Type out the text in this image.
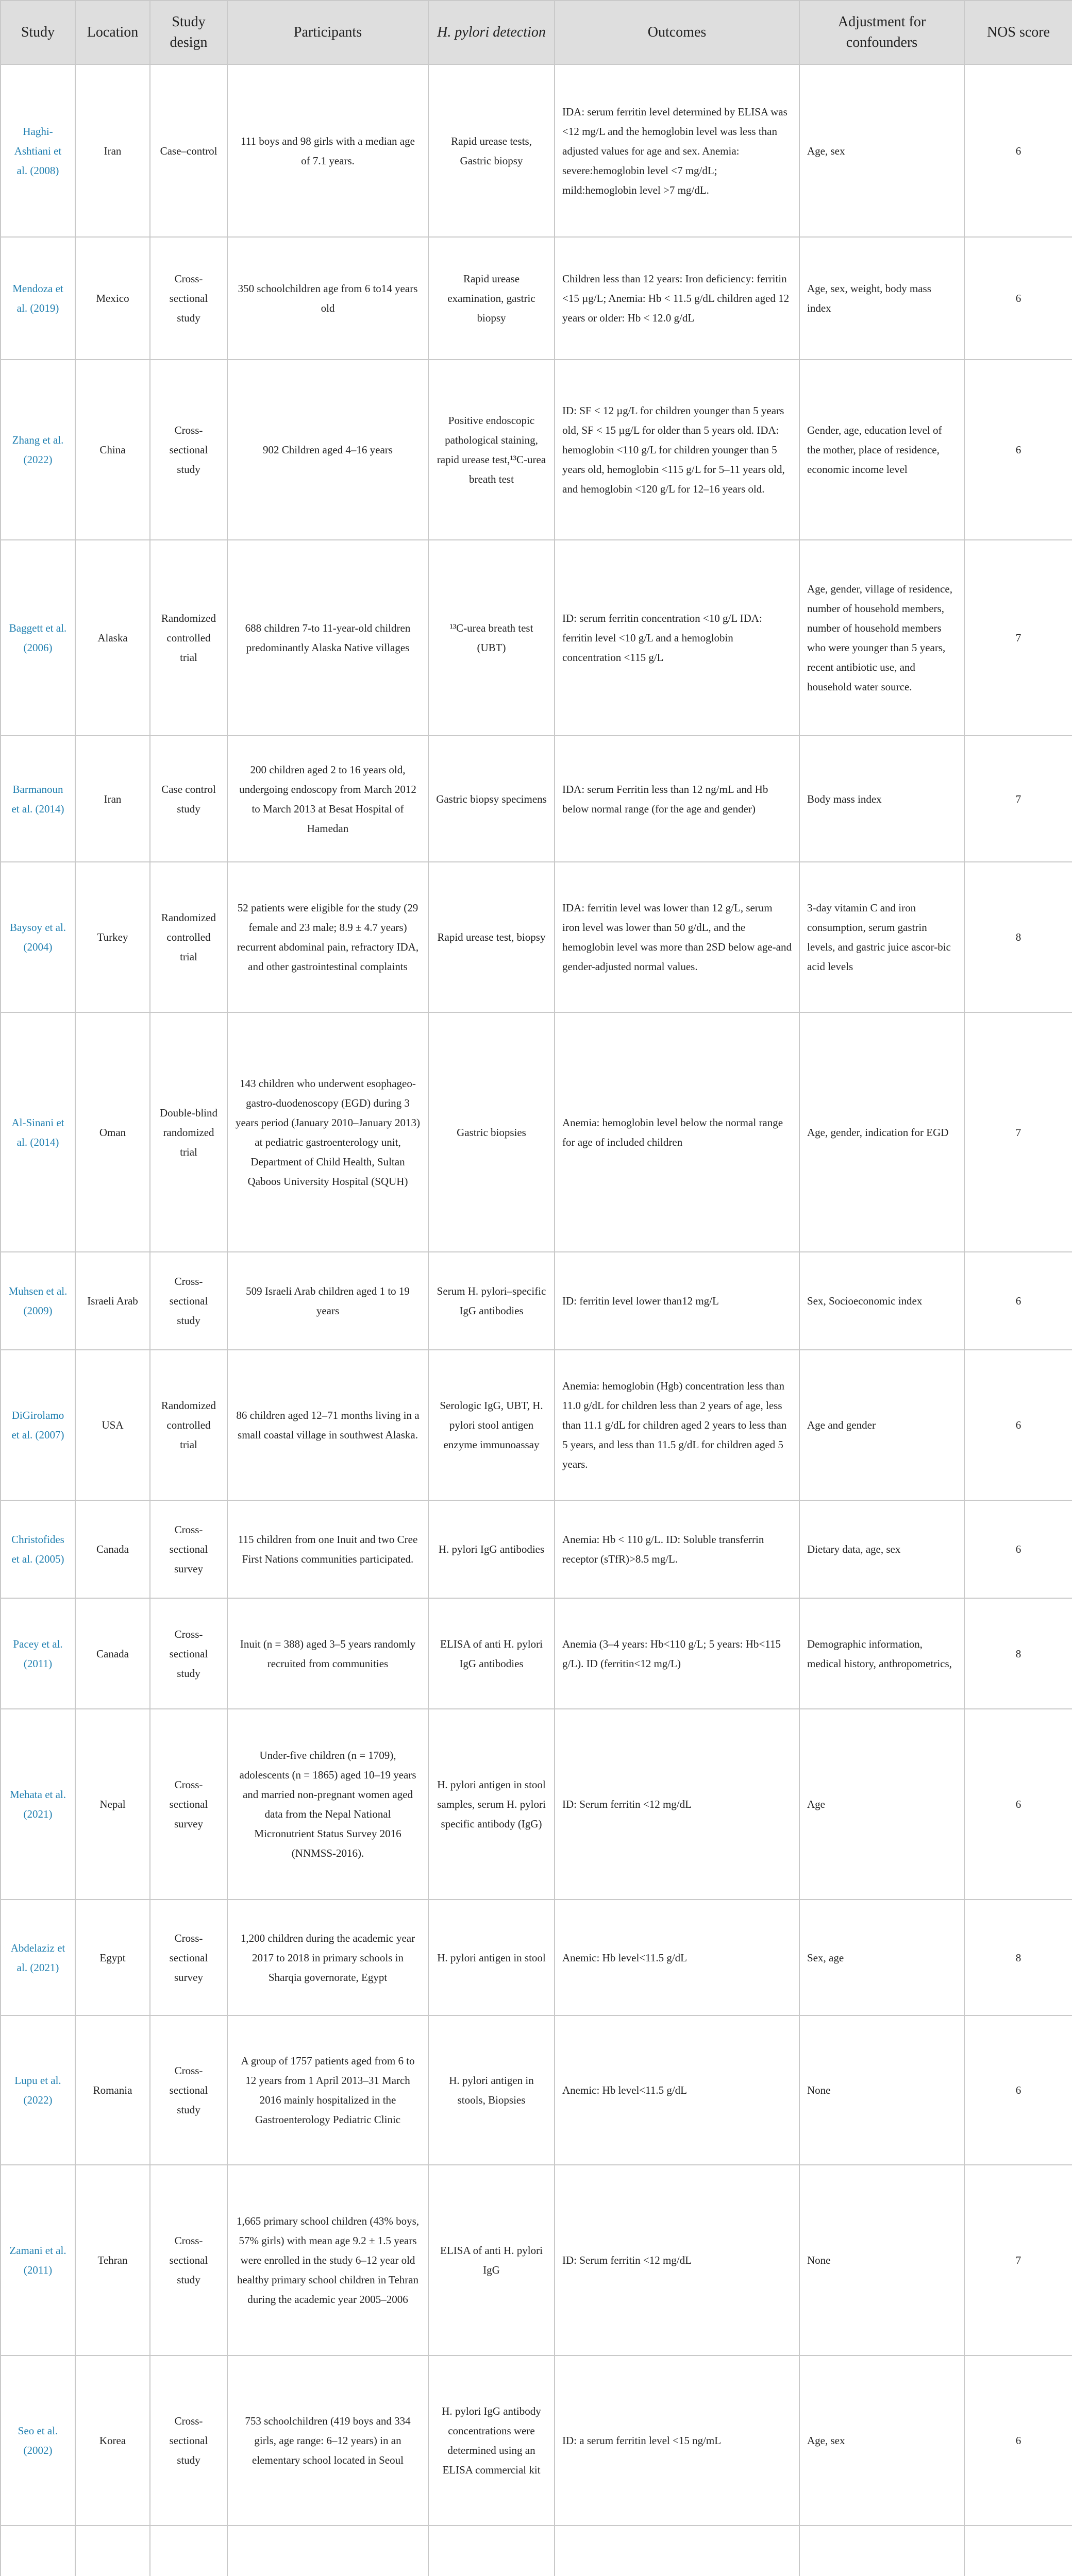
Study	Location	Study design	Participants	H. pylori detection	Outcomes	Adjustment for confounders	NOS score
Haghi-Ashtiani et al. (2008)	Iran	Case–control	111 boys and 98 girls with a median age of 7.1 years.	Rapid urease tests, Gastric biopsy	IDA: serum ferritin level determined by ELISA was <12 mg/L and the hemoglobin level was less than adjusted values for age and sex. Anemia: severe:hemoglobin level <7 mg/dL; mild:hemoglobin level >7 mg/dL.	Age, sex	6
Mendoza et al. (2019)	Mexico	Cross-sectional study	350 schoolchildren age from 6 to14 years old	Rapid urease examination, gastric biopsy	Children less than 12 years: Iron deficiency: ferritin <15 µg/L; Anemia: Hb < 11.5 g/dL children aged 12 years or older: Hb < 12.0 g/dL	Age, sex, weight, body mass index	6
Zhang et al. (2022)	China	Cross-sectional study	902 Children aged 4–16 years	Positive endoscopic pathological staining, rapid urease test,¹³C-urea breath test	ID: SF < 12 µg/L for children younger than 5 years old, SF < 15 µg/L for older than 5 years old. IDA: hemoglobin <110 g/L for children younger than 5 years old, hemoglobin <115 g/L for 5–11 years old, and hemoglobin <120 g/L for 12–16 years old.	Gender, age, education level of the mother, place of residence, economic income level	6
Baggett et al. (2006)	Alaska	Randomized controlled trial	688 children 7-to 11-year-old children predominantly Alaska Native villages	¹³C-urea breath test (UBT)	ID: serum ferritin concentration <10 g/L IDA: ferritin level <10 g/L and a hemoglobin concentration <115 g/L	Age, gender, village of residence, number of household members, number of household members who were younger than 5 years, recent antibiotic use, and household water source.	7
Barmanoun et al. (2014)	Iran	Case control study	200 children aged 2 to 16 years old, undergoing endoscopy from March 2012 to March 2013 at Besat Hospital of Hamedan	Gastric biopsy specimens	IDA: serum Ferritin less than 12 ng/mL and Hb below normal range (for the age and gender)	Body mass index	7
Baysoy et al. (2004)	Turkey	Randomized controlled trial	52 patients were eligible for the study (29 female and 23 male; 8.9 ± 4.7 years) recurrent abdominal pain, refractory IDA, and other gastrointestinal complaints	Rapid urease test, biopsy	IDA: ferritin level was lower than 12 g/L, serum iron level was lower than 50 g/dL, and the hemoglobin level was more than 2SD below age-and gender-adjusted normal values.	3-day vitamin C and iron consumption, serum gastrin levels, and gastric juice ascor-bic acid levels	8
Al-Sinani et al. (2014)	Oman	Double-blind randomized trial	143 children who underwent esophageo-gastro-duodenoscopy (EGD) during 3 years period (January 2010–January 2013) at pediatric gastroenterology unit, Department of Child Health, Sultan Qaboos University Hospital (SQUH)	Gastric biopsies	Anemia: hemoglobin level below the normal range for age of included children	Age, gender, indication for EGD	7
Muhsen et al. (2009)	Israeli Arab	Cross-sectional study	509 Israeli Arab children aged 1 to 19 years	Serum H. pylori–specific IgG antibodies	ID: ferritin level lower than12 mg/L	Sex, Socioeconomic index	6
DiGirolamo et al. (2007)	USA	Randomized controlled trial	86 children aged 12–71 months living in a small coastal village in southwest Alaska.	Serologic IgG, UBT, H. pylori stool antigen enzyme immunoassay	Anemia: hemoglobin (Hgb) concentration less than 11.0 g/dL for children less than 2 years of age, less than 11.1 g/dL for children aged 2 years to less than 5 years, and less than 11.5 g/dL for children aged 5 years.	Age and gender	6
Christofides et al. (2005)	Canada	Cross-sectional survey	115 children from one Inuit and two Cree First Nations communities participated.	H. pylori IgG antibodies	Anemia: Hb < 110 g/L. ID: Soluble transferrin receptor (sTfR)>8.5 mg/L.	Dietary data, age, sex	6
Pacey et al. (2011)	Canada	Cross-sectional study	Inuit (n = 388) aged 3–5 years randomly recruited from communities	ELISA of anti H. pylori IgG antibodies	Anemia (3–4 years: Hb<110 g/L; 5 years: Hb<115 g/L). ID (ferritin<12 mg/L)	Demographic information, medical history, anthropometrics,	8
Mehata et al. (2021)	Nepal	Cross-sectional survey	Under-five children (n = 1709), adolescents (n = 1865) aged 10–19 years and married non-pregnant women aged data from the Nepal National Micronutrient Status Survey 2016 (NNMSS-2016).	H. pylori antigen in stool samples, serum H. pylori specific antibody (IgG)	ID: Serum ferritin <12 mg/dL	Age	6
Abdelaziz et al. (2021)	Egypt	Cross-sectional survey	1,200 children during the academic year 2017 to 2018 in primary schools in Sharqia governorate, Egypt	H. pylori antigen in stool	Anemic: Hb level<11.5 g/dL	Sex, age	8
Lupu et al. (2022)	Romania	Cross-sectional study	A group of 1757 patients aged from 6 to 12 years from 1 April 2013–31 March 2016 mainly hospitalized in the Gastroenterology Pediatric Clinic	H. pylori antigen in stools, Biopsies	Anemic: Hb level<11.5 g/dL	None	6
Zamani et al. (2011)	Tehran	Cross-sectional study	1,665 primary school children (43% boys, 57% girls) with mean age 9.2 ± 1.5 years were enrolled in the study 6–12 year old healthy primary school children in Tehran during the academic year 2005–2006	ELISA of anti H. pylori IgG	ID: Serum ferritin <12 mg/dL	None	7
Seo et al. (2002)	Korea	Cross-sectional study	753 schoolchildren (419 boys and 334 girls, age range: 6–12 years) in an elementary school located in Seoul	H. pylori IgG antibody concentrations were determined using an ELISA commercial kit	ID: a serum ferritin level <15 ng/mL	Age, sex	6
